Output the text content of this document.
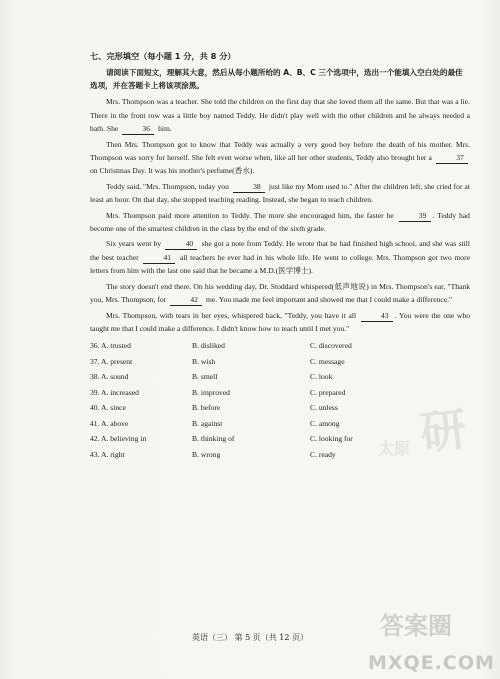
七、完形填空（每小题 1 分，共 8 分）
请阅读下面短文，理解其大意，然后从每小题所给的 A、B、C 三个选项中，选出一个能填入空白处的最佳选项，并在答题卡上将该项涂黑。

Mrs. Thompson was a teacher. She told the children on the first day that she loved them all the same. But that was a lie. There in the front row was a little boy named Teddy. He didn't play well with the other children and he always needed a bath. She	36 him.

Then Mrs. Thompson got to know that Teddy was actually a very good boy before the death of his mother. Mrs. Thompson was sorry for herself. She felt even worse when, like all her other students, Teddy also brought her a	37 on Christmas Day. It was his mother's perfume(香水).

Teddy said, "Mrs. Thompson, today you	38 just like my Mom used to." After the children left, she cried for at least an hour. On that day, she stopped teaching reading. Instead, she began to teach children.

Mrs. Thompson paid more attention to Teddy. The more she encouraged him, the faster he	39 . Teddy had become one of the smartest children in the class by the end of the sixth grade.

Six years went by	40 she got a note from Teddy. He wrote that he had finished high school, and she was still the best teacher	41 all teachers he ever had in his whole life. He went to college. Mrs. Thompson got two more letters from him with the last one said that he became a M.D.(医学博士).

The story doesn't end there. On his wedding day, Dr. Stoddard whispered(低声地说) in Mrs. Thompson's ear, "Thank you, Mrs. Thompson, for	42 me. You made me feel important and showed me that I could make a difference."

Mrs. Thompson, with tears in her eyes, whispered back, "Teddy, you have it all	43 . You were the one who taught me that I could make a difference. I didn't know how to teach until I met you."

36. A. trusted	B. disliked	C. discovered
37. A. present	B. wish	C. message
38. A. sound	B. smell	C. look
39. A. increased	B. improved	C. prepared
40. A. since	B. before	C. unless
41. A. above	B. against	C. among
42. A. believing in	B. thinking of	C. looking for
43. A. right	B. wrong	C. ready
英语（三） 第 5 页（共 12 页）
研
太原
答案圈
MXQE.COM
